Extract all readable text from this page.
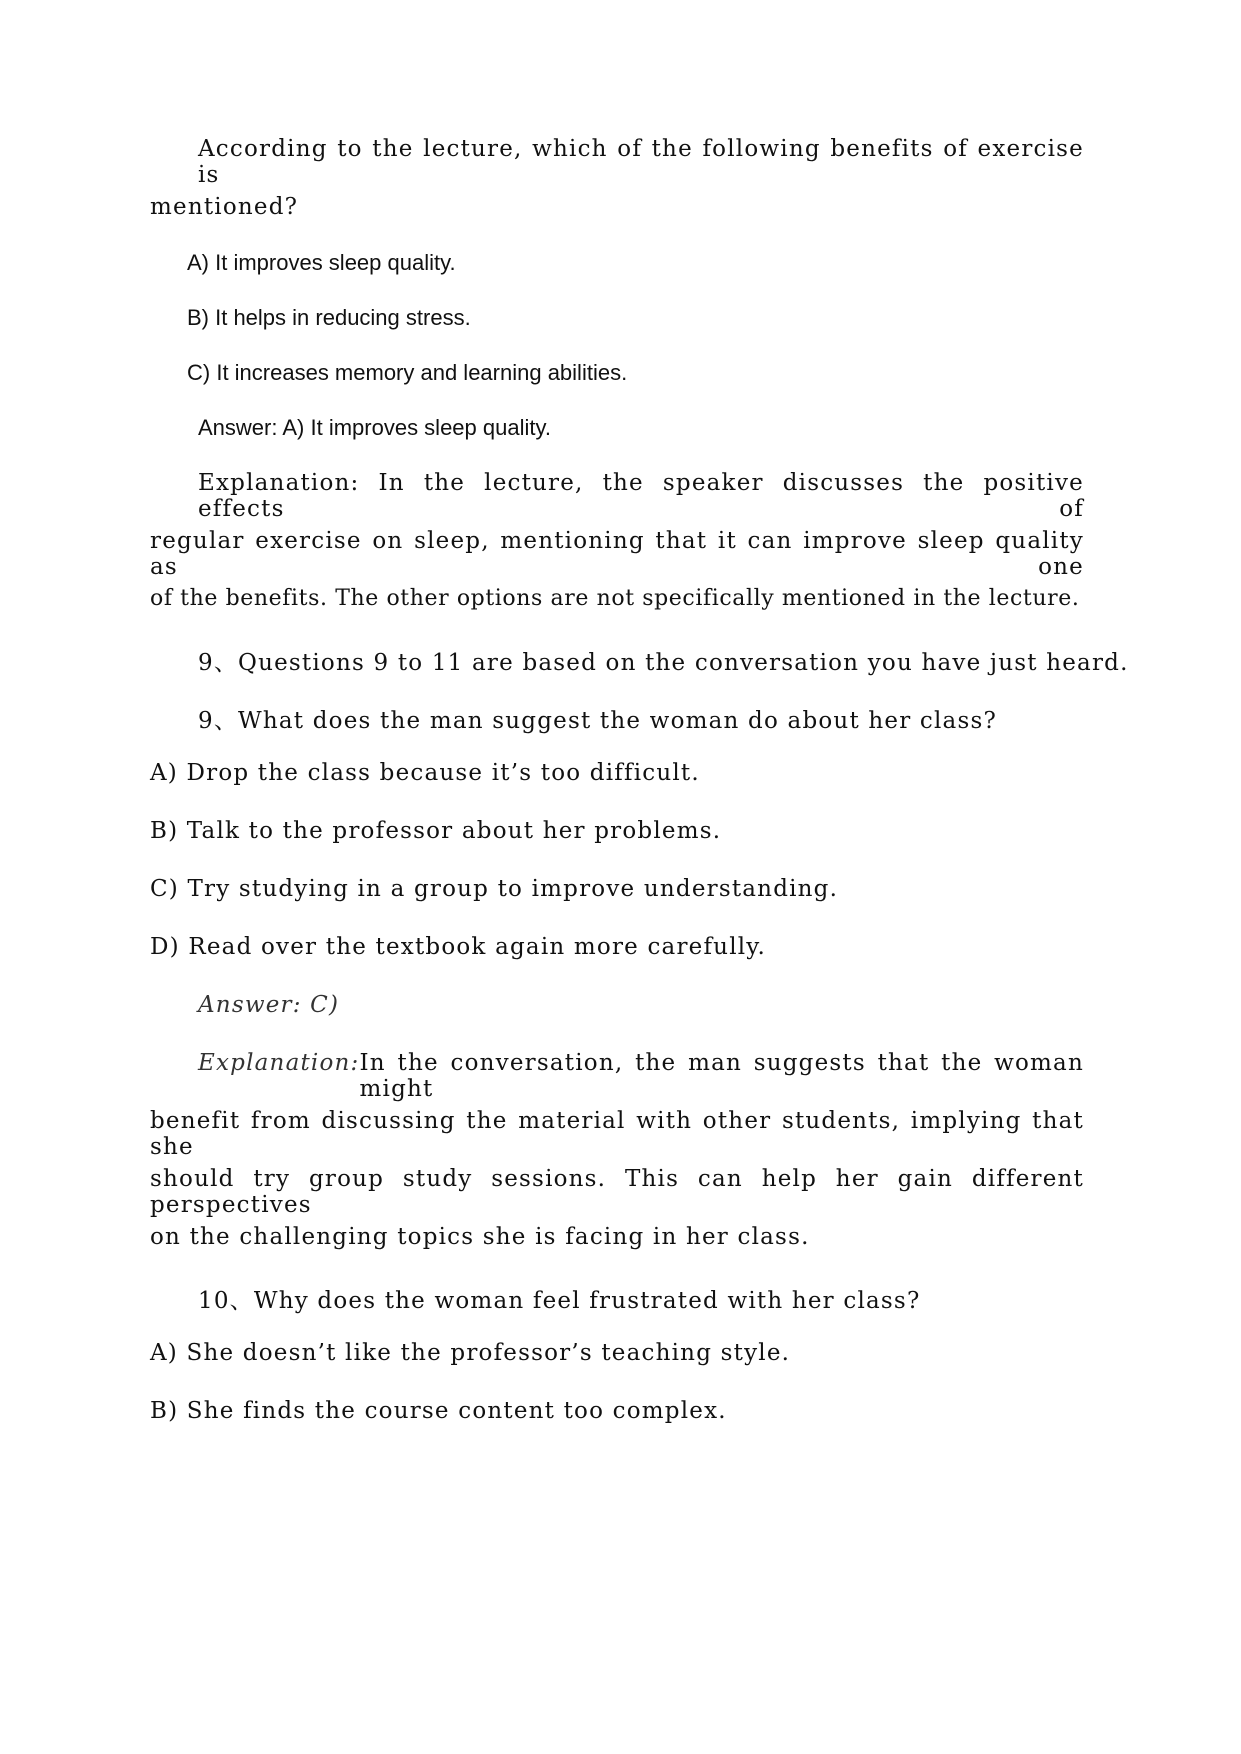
According to the lecture, which of the following benefits of exercise is
mentioned?
A) It improves sleep quality.
B) It helps in reducing stress.
C) It increases memory and learning abilities.
Answer: A) It improves sleep quality.
Explanation: In the lecture, the speaker discusses the positive effects of
regular exercise on sleep, mentioning that it can improve sleep quality as one
of the benefits. The other options are not specifically mentioned in the lecture.
9、Questions 9 to 11 are based on the conversation you have just heard.
9、What does the man suggest the woman do about her class?
A) Drop the class because it’s too difficult.
B) Talk to the professor about her problems.
C) Try studying in a group to improve understanding.
D) Read over the textbook again more carefully.
Answer: C)
Explanation: In the conversation, the man suggests that the woman might
benefit from discussing the material with other students, implying that she
should try group study sessions. This can help her gain different perspectives
on the challenging topics she is facing in her class.
10、Why does the woman feel frustrated with her class?
A) She doesn’t like the professor’s teaching style.
B) She finds the course content too complex.
